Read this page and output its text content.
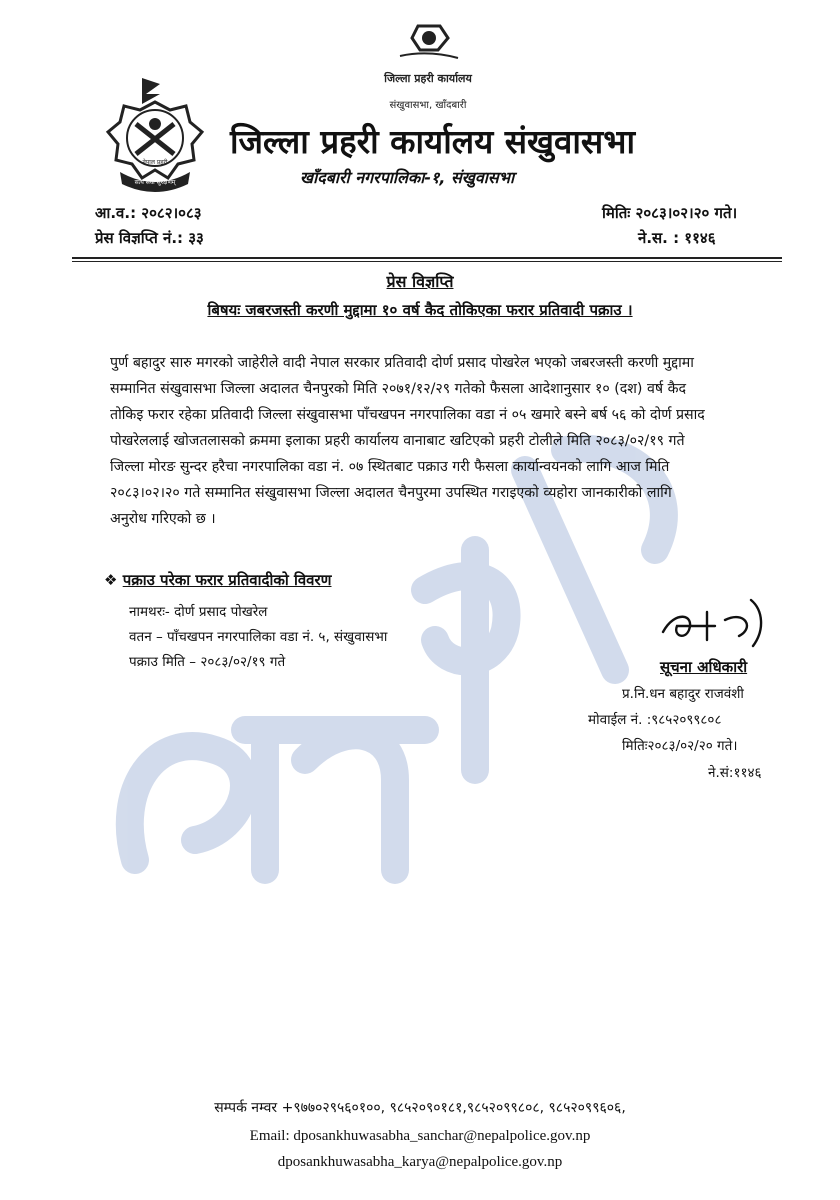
नेपाल प्रहरी
नेपाल प्रहरी
सत्य सेवा सुरक्षणम्
जिल्ला प्रहरी कार्यालय
संखुवासभा, खाँदबारी
जिल्ला प्रहरी कार्यालय संखुवासभा
खाँदबारी नगरपालिका-१, संखुवासभा
आ.व.: २०८२।०८३
प्रेस विज्ञप्ति नं.: ३३
मितिः २०८३।०२।२० गते।
ने.स. : ११४६
प्रेस विज्ञप्ति
बिषयः जबरजस्ती करणी मुद्दामा १० वर्ष कैद तोकिएका फरार प्रतिवादी पक्राउ ।
पुर्ण बहादुर सारु मगरको जाहेरीले वादी नेपाल सरकार प्रतिवादी दोर्ण प्रसाद पोखरेल भएको जबरजस्ती करणी मुद्दामा
सम्मानित संखुवासभा जिल्ला अदालत चैनपुरको मिति २०७१/१२/२९ गतेको फैसला आदेशानुसार १० (दश) वर्ष कैद
तोकिइ फरार रहेका प्रतिवादी जिल्ला संखुवासभा पाँचखपन नगरपालिका वडा नं ०५ खमारे बस्ने बर्ष ५६ को दोर्ण प्रसाद
पोखरेललाई खोजतलासको क्रममा इलाका प्रहरी कार्यालय वानाबाट खटिएको प्रहरी टोलीले मिति २०८३/०२/१९ गते
जिल्ला मोरङ सुन्दर हरैचा नगरपालिका वडा नं. ०७ स्थितबाट पक्राउ गरी फैसला कार्यान्वयनको लागि आज मिति
२०८३।०२।२० गते सम्मानित संखुवासभा जिल्ला अदालत चैनपुरमा उपस्थित गराइएको व्यहोरा जानकारीको लागि
अनुरोध गरिएको छ ।
❖ पक्राउ परेका फरार प्रतिवादीको विवरण
नामथरः- दोर्ण प्रसाद पोखरेल
वतन – पाँचखपन नगरपालिका वडा नं. ५, संखुवासभा
पक्राउ मिति – २०८३/०२/१९ गते	सूचना अधिकारी
प्र.नि.धन बहादुर राजवंशी
मोवाईल नं. :९८५२०९९८०८
मितिः२०८३/०२/२० गते।
ने.सं:११४६
सम्पर्क नम्वर +९७७०२९५६०१००, ९८५२०९०१८१,९८५२०९९८०८, ९८५२०९९६०६,
Email: dposankhuwasabha_sanchar@nepalpolice.gov.np
dposankhuwasabha_karya@nepalpolice.gov.np
